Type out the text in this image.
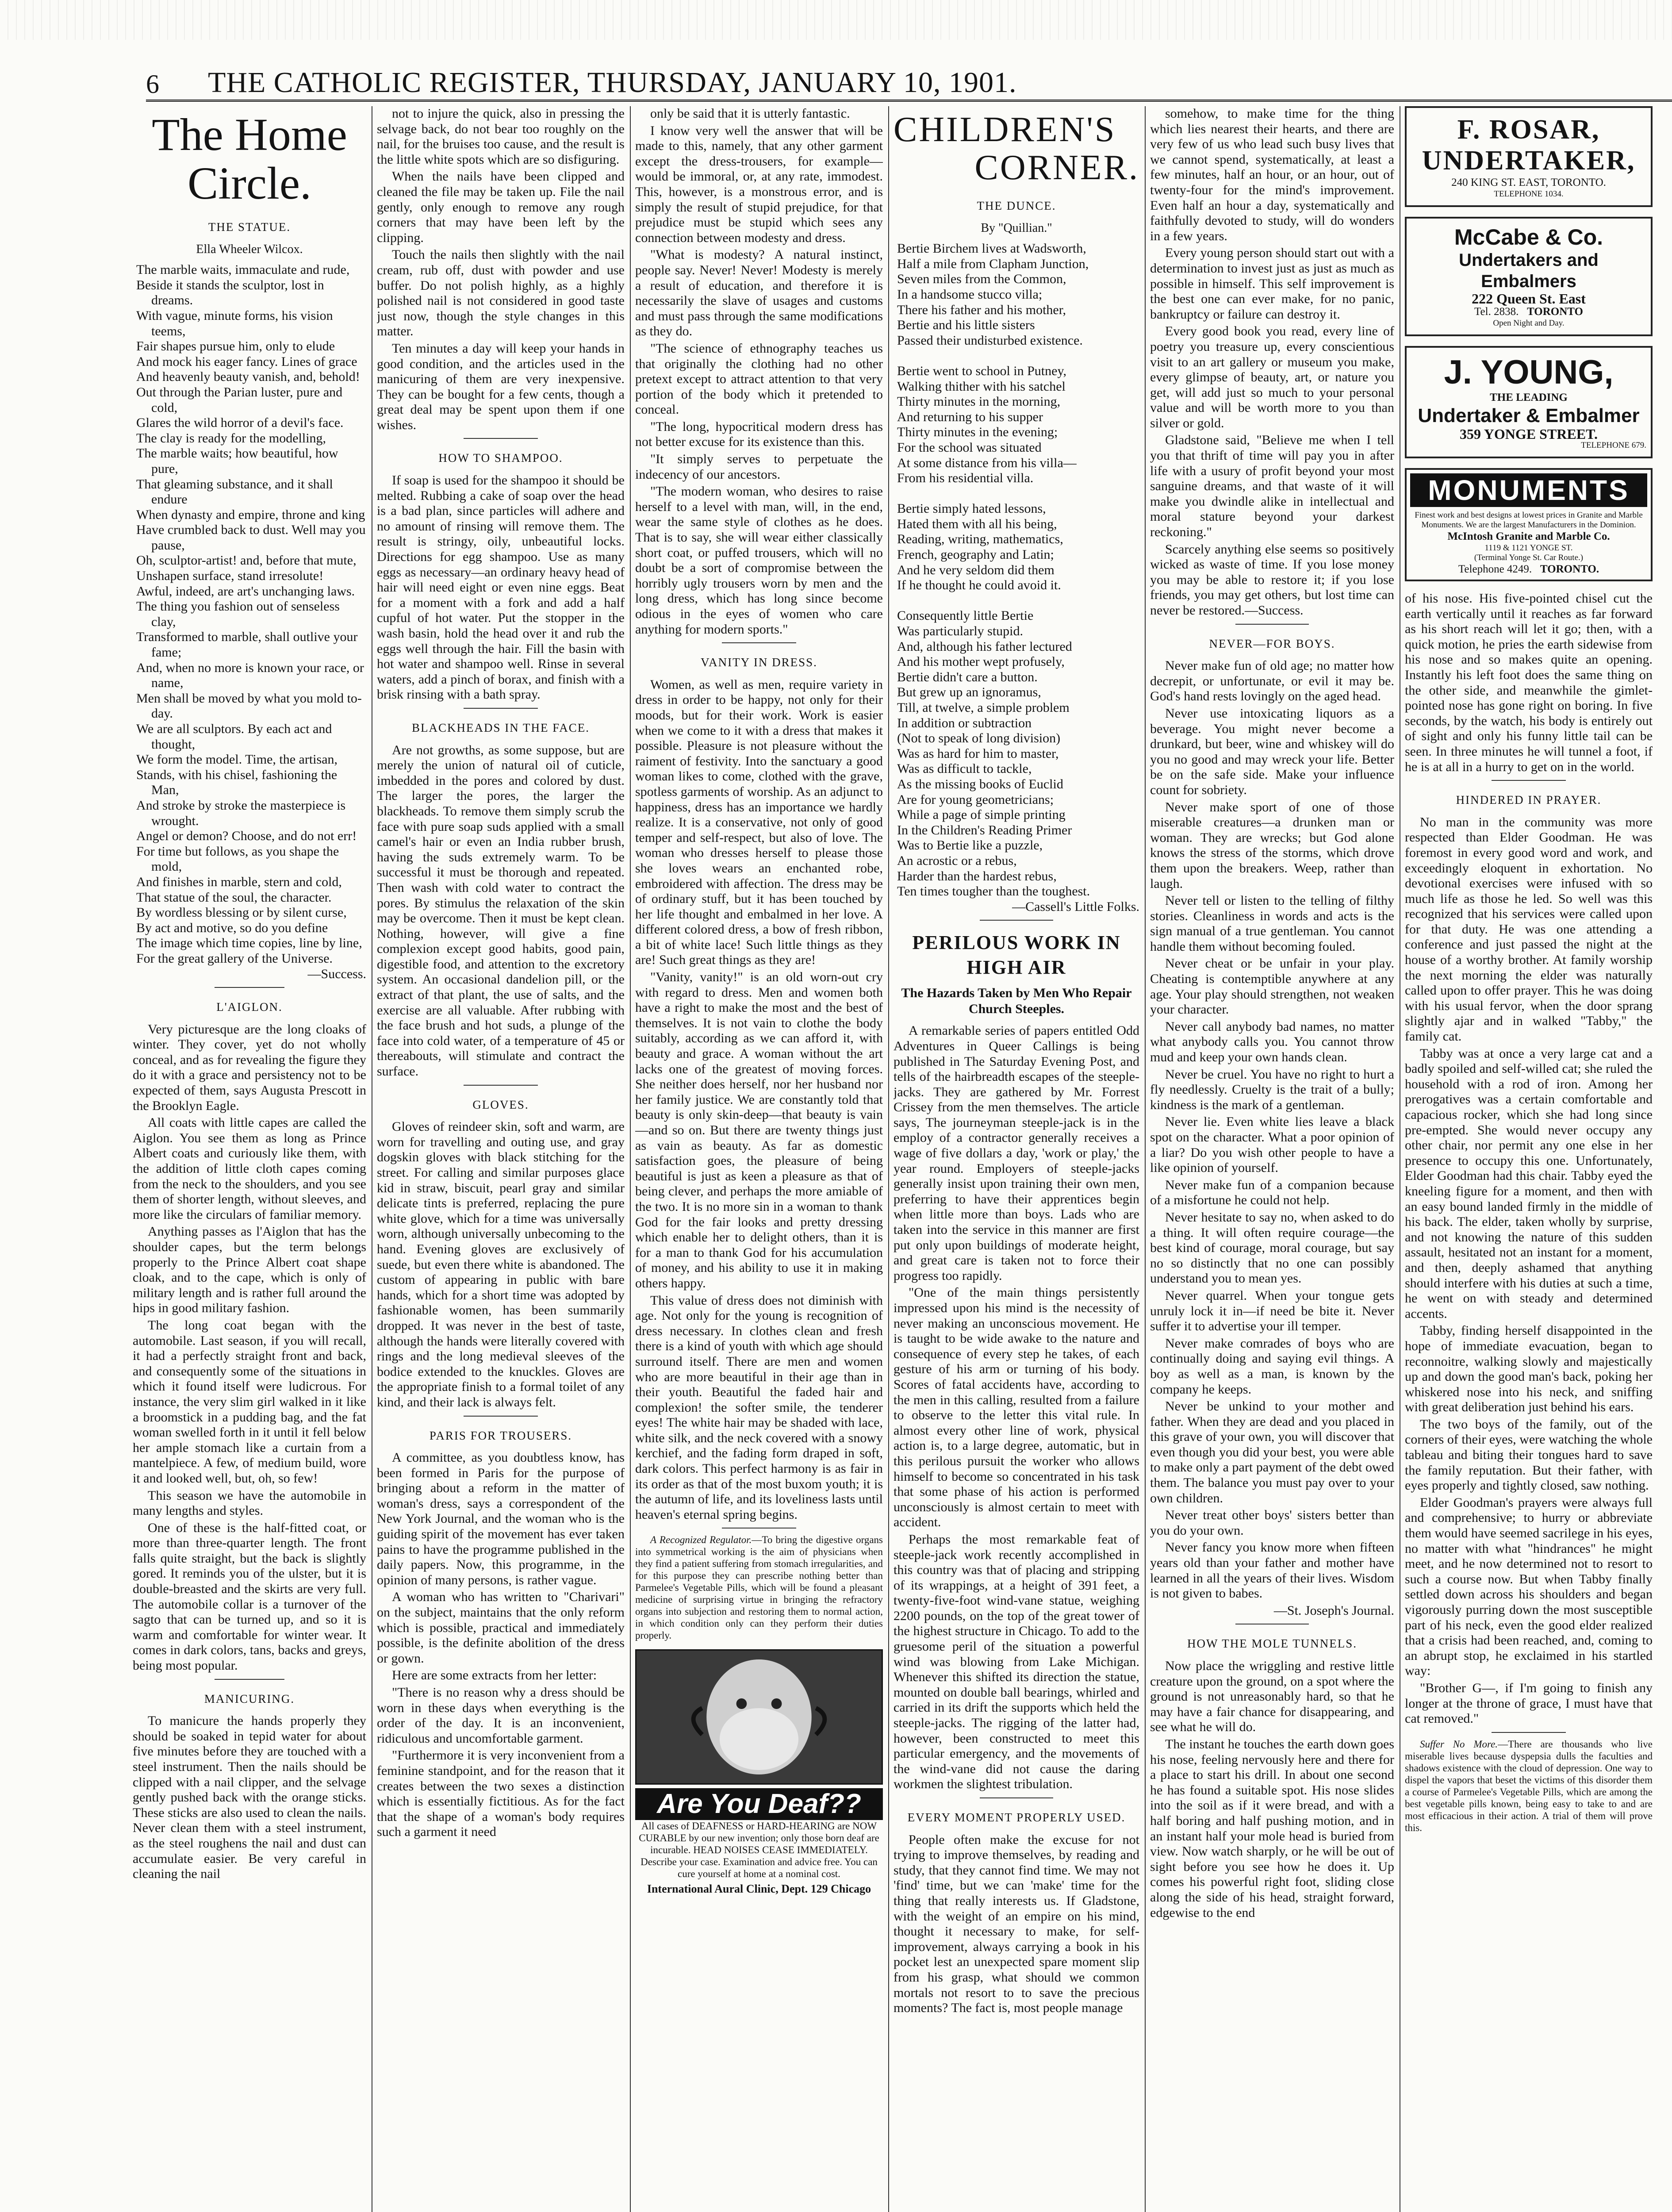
6	THE CATHOLIC REGISTER, THURSDAY, JANUARY 10, 1901.
The Home Circle.
THE STATUE.
Ella Wheeler Wilcox.
The marble waits, immaculate and rude,
Beside it stands the sculptor, lost in dreams.
With vague, minute forms, his vision teems,
Fair shapes pursue him, only to elude
And mock his eager fancy. Lines of grace
And heavenly beauty vanish, and, behold!
Out through the Parian luster, pure and cold,
Glares the wild horror of a devil's face.
The clay is ready for the modelling,
The marble waits; how beautiful, how pure,
That gleaming substance, and it shall endure
When dynasty and empire, throne and king
Have crumbled back to dust. Well may you pause,
Oh, sculptor-artist! and, before that mute,
Unshapen surface, stand irresolute!
Awful, indeed, are art's unchanging laws.
The thing you fashion out of senseless clay,
Transformed to marble, shall outlive your fame;
And, when no more is known your race, or name,
Men shall be moved by what you mold to-day.
We are all sculptors. By each act and thought,
We form the model. Time, the artisan,
Stands, with his chisel, fashioning the Man,
And stroke by stroke the masterpiece is wrought.
Angel or demon? Choose, and do not err!
For time but follows, as you shape the mold,
And finishes in marble, stern and cold,
That statue of the soul, the character.
By wordless blessing or by silent curse,
By act and motive, so do you define
The image which time copies, line by line,
For the great gallery of the Universe.
—Success.
L'AIGLON.

Very picturesque are the long cloaks of winter. They cover, yet do not wholly conceal, and as for revealing the figure they do it with a grace and persistency not to be expected of them, says Augusta Prescott in the Brooklyn Eagle.

All coats with little capes are called the Aiglon. You see them as long as Prince Albert coats and curiously like them, with the addition of little cloth capes coming from the neck to the shoulders, and you see them of shorter length, without sleeves, and more like the circulars of familiar memory.

Anything passes as l'Aiglon that has the shoulder capes, but the term belongs properly to the Prince Albert coat shape cloak, and to the cape, which is only of military length and is rather full around the hips in good military fashion.

The long coat began with the automobile. Last season, if you will recall, it had a perfectly straight front and back, and consequently some of the situations in which it found itself were ludicrous. For instance, the very slim girl walked in it like a broomstick in a pudding bag, and the fat woman swelled forth in it until it fell below her ample stomach like a curtain from a mantelpiece. A few, of medium build, wore it and looked well, but, oh, so few!

This season we have the automobile in many lengths and styles.

One of these is the half-fitted coat, or more than three-quarter length. The front falls quite straight, but the back is slightly gored. It reminds you of the ulster, but it is double-breasted and the skirts are very full. The automobile collar is a turnover of the sagto that can be turned up, and so it is warm and comfortable for winter wear. It comes in dark colors, tans, backs and greys, being most popular.

MANICURING.

To manicure the hands properly they should be soaked in tepid water for about five minutes before they are touched with a steel instrument. Then the nails should be clipped with a nail clipper, and the selvage gently pushed back with the orange sticks. These sticks are also used to clean the nails. Never clean them with a steel instrument, as the steel roughens the nail and dust can accumulate easier. Be very careful in cleaning the nail

not to injure the quick, also in pressing the selvage back, do not bear too roughly on the nail, for the bruises too cause, and the result is the little white spots which are so disfiguring.

When the nails have been clipped and cleaned the file may be taken up. File the nail gently, only enough to remove any rough corners that may have been left by the clipping.

Touch the nails then slightly with the nail cream, rub off, dust with powder and use buffer. Do not polish highly, as a highly polished nail is not considered in good taste just now, though the style changes in this matter.

Ten minutes a day will keep your hands in good condition, and the articles used in the manicuring of them are very inexpensive. They can be bought for a few cents, though a great deal may be spent upon them if one wishes.

HOW TO SHAMPOO.

If soap is used for the shampoo it should be melted. Rubbing a cake of soap over the head is a bad plan, since particles will adhere and no amount of rinsing will remove them. The result is stringy, oily, unbeautiful locks. Directions for egg shampoo. Use as many eggs as necessary—an ordinary heavy head of hair will need eight or even nine eggs. Beat for a moment with a fork and add a half cupful of hot water. Put the stopper in the wash basin, hold the head over it and rub the eggs well through the hair. Fill the basin with hot water and shampoo well. Rinse in several waters, add a pinch of borax, and finish with a brisk rinsing with a bath spray.

BLACKHEADS IN THE FACE.

Are not growths, as some suppose, but are merely the union of natural oil of cuticle, imbedded in the pores and colored by dust. The larger the pores, the larger the blackheads. To remove them simply scrub the face with pure soap suds applied with a small camel's hair or even an India rubber brush, having the suds extremely warm. To be successful it must be thorough and repeated. Then wash with cold water to contract the pores. By stimulus the relaxation of the skin may be overcome. Then it must be kept clean. Nothing, however, will give a fine complexion except good habits, good pain, digestible food, and attention to the excretory system. An occasional dandelion pill, or the extract of that plant, the use of salts, and the exercise are all valuable. After rubbing with the face brush and hot suds, a plunge of the face into cold water, of a temperature of 45 or thereabouts, will stimulate and contract the surface.

GLOVES.

Gloves of reindeer skin, soft and warm, are worn for travelling and outing use, and gray dogskin gloves with black stitching for the street. For calling and similar purposes glace kid in straw, biscuit, pearl gray and similar delicate tints is preferred, replacing the pure white glove, which for a time was universally worn, although universally unbecoming to the hand. Evening gloves are exclusively of suede, but even there white is abandoned. The custom of appearing in public with bare hands, which for a short time was adopted by fashionable women, has been summarily dropped. It was never in the best of taste, although the hands were literally covered with rings and the long medieval sleeves of the bodice extended to the knuckles. Gloves are the appropriate finish to a formal toilet of any kind, and their lack is always felt.

PARIS FOR TROUSERS.

A committee, as you doubtless know, has been formed in Paris for the purpose of bringing about a reform in the matter of woman's dress, says a correspondent of the New York Journal, and the woman who is the guiding spirit of the movement has ever taken pains to have the programme published in the daily papers. Now, this programme, in the opinion of many persons, is rather vague.

A woman who has written to "Charivari" on the subject, maintains that the only reform which is possible, practical and immediately possible, is the definite abolition of the dress or gown.

Here are some extracts from her letter:

"There is no reason why a dress should be worn in these days when everything is the order of the day. It is an inconvenient, ridiculous and uncomfortable garment.

"Furthermore it is very inconvenient from a feminine standpoint, and for the reason that it creates between the two sexes a distinction which is essentially fictitious. As for the fact that the shape of a woman's body requires such a garment it need

only be said that it is utterly fantastic.

I know very well the answer that will be made to this, namely, that any other garment except the dress-trousers, for example—would be immoral, or, at any rate, immodest. This, however, is a monstrous error, and is simply the result of stupid prejudice, for that prejudice must be stupid which sees any connection between modesty and dress.

"What is modesty? A natural instinct, people say. Never! Never! Modesty is merely a result of education, and therefore it is necessarily the slave of usages and customs and must pass through the same modifications as they do.

"The science of ethnography teaches us that originally the clothing had no other pretext except to attract attention to that very portion of the body which it pretended to conceal.

"The long, hypocritical modern dress has not better excuse for its existence than this.

"It simply serves to perpetuate the indecency of our ancestors.

"The modern woman, who desires to raise herself to a level with man, will, in the end, wear the same style of clothes as he does. That is to say, she will wear either classically short coat, or puffed trousers, which will no doubt be a sort of compromise between the horribly ugly trousers worn by men and the long dress, which has long since become odious in the eyes of women who care anything for modern sports."

VANITY IN DRESS.

Women, as well as men, require variety in dress in order to be happy, not only for their moods, but for their work. Work is easier when we come to it with a dress that makes it possible. Pleasure is not pleasure without the raiment of festivity. Into the sanctuary a good woman likes to come, clothed with the grave, spotless garments of worship. As an adjunct to happiness, dress has an importance we hardly realize. It is a conservative, not only of good temper and self-respect, but also of love. The woman who dresses herself to please those she loves wears an enchanted robe, embroidered with affection. The dress may be of ordinary stuff, but it has been touched by her life thought and embalmed in her love. A different colored dress, a bow of fresh ribbon, a bit of white lace! Such little things as they are! Such great things as they are!

"Vanity, vanity!" is an old worn-out cry with regard to dress. Men and women both have a right to make the most and the best of themselves. It is not vain to clothe the body suitably, according as we can afford it, with beauty and grace. A woman without the art lacks one of the greatest of moving forces. She neither does herself, nor her husband nor her family justice. We are constantly told that beauty is only skin-deep—that beauty is vain—and so on. But there are twenty things just as vain as beauty. As far as domestic satisfaction goes, the pleasure of being beautiful is just as keen a pleasure as that of being clever, and perhaps the more amiable of the two. It is no more sin in a woman to thank God for the fair looks and pretty dressing which enable her to delight others, than it is for a man to thank God for his accumulation of money, and his ability to use it in making others happy.

This value of dress does not diminish with age. Not only for the young is recognition of dress necessary. In clothes clean and fresh there is a kind of youth with which age should surround itself. There are men and women who are more beautiful in their age than in their youth. Beautiful the faded hair and complexion! the softer smile, the tenderer eyes! The white hair may be shaded with lace, white silk, and the neck covered with a snowy kerchief, and the fading form draped in soft, dark colors. This perfect harmony is as fair in its order as that of the most buxom youth; it is the autumn of life, and its loveliness lasts until heaven's eternal spring begins.

A Recognized Regulator.—To bring the digestive organs into symmetrical working is the aim of physicians when they find a patient suffering from stomach irregularities, and for this purpose they can prescribe nothing better than Parmelee's Vegetable Pills, which will be found a pleasant medicine of surprising virtue in bringing the refractory organs into subjection and restoring them to normal action, in which condition only can they perform their duties properly.

Are You Deaf??

All cases of DEAFNESS or HARD-HEARING are NOW CURABLE by our new invention; only those born deaf are incurable. HEAD NOISES CEASE IMMEDIATELY. Describe your case. Examination and advice free. You can cure yourself at home at a nominal cost.

International Aural Clinic, Dept. 129 Chicago

CHILDREN'S
CORNER.
THE DUNCE.
By "Quillian."
Bertie Birchem lives at Wadsworth,
Half a mile from Clapham Junction,
Seven miles from the Common,
In a handsome stucco villa;
There his father and his mother,
Bertie and his little sisters
Passed their undisturbed existence.

Bertie went to school in Putney,
Walking thither with his satchel
Thirty minutes in the morning,
And returning to his supper
Thirty minutes in the evening;
For the school was situated
At some distance from his villa—
From his residential villa.

Bertie simply hated lessons,
Hated them with all his being,
Reading, writing, mathematics,
French, geography and Latin;
And he very seldom did them
If he thought he could avoid it.

Consequently little Bertie
Was particularly stupid.
And, although his father lectured
And his mother wept profusely,
Bertie didn't care a button.
But grew up an ignoramus,
Till, at twelve, a simple problem
In addition or subtraction
(Not to speak of long division)
Was as hard for him to master,
Was as difficult to tackle,
As the missing books of Euclid
Are for young geometricians;
While a page of simple printing
In the Children's Reading Primer
Was to Bertie like a puzzle,
An acrostic or a rebus,
Harder than the hardest rebus,
Ten times tougher than the toughest.
—Cassell's Little Folks.
PERILOUS WORK IN HIGH AIR
The Hazards Taken by Men Who Repair Church Steeples.

A remarkable series of papers entitled Odd Adventures in Queer Callings is being published in The Saturday Evening Post, and tells of the hairbreadth escapes of the steeple-jacks. They are gathered by Mr. Forrest Crissey from the men themselves. The article says, The journeyman steeple-jack is in the employ of a contractor generally receives a wage of five dollars a day, 'work or play,' the year round. Employers of steeple-jacks generally insist upon training their own men, preferring to have their apprentices begin when little more than boys. Lads who are taken into the service in this manner are first put only upon buildings of moderate height, and great care is taken not to force their progress too rapidly.

"One of the main things persistently impressed upon his mind is the necessity of never making an unconscious movement. He is taught to be wide awake to the nature and consequence of every step he takes, of each gesture of his arm or turning of his body. Scores of fatal accidents have, according to the men in this calling, resulted from a failure to observe to the letter this vital rule. In almost every other line of work, physical action is, to a large degree, automatic, but in this perilous pursuit the worker who allows himself to become so concentrated in his task that some phase of his action is performed unconsciously is almost certain to meet with accident.

Perhaps the most remarkable feat of steeple-jack work recently accomplished in this country was that of placing and stripping of its wrappings, at a height of 391 feet, a twenty-five-foot wind-vane statue, weighing 2200 pounds, on the top of the great tower of the highest structure in Chicago. To add to the gruesome peril of the situation a powerful wind was blowing from Lake Michigan. Whenever this shifted its direction the statue, mounted on double ball bearings, whirled and carried in its drift the supports which held the steeple-jacks. The rigging of the latter had, however, been constructed to meet this particular emergency, and the movements of the wind-vane did not cause the daring workmen the slightest tribulation.

EVERY MOMENT PROPERLY USED.

People often make the excuse for not trying to improve themselves, by reading and study, that they cannot find time. We may not 'find' time, but we can 'make' time for the thing that really interests us. If Gladstone, with the weight of an empire on his mind, thought it necessary to make, for self-improvement, always carrying a book in his pocket lest an unexpected spare moment slip from his grasp, what should we common mortals not resort to to save the precious moments? The fact is, most people manage

somehow, to make time for the thing which lies nearest their hearts, and there are very few of us who lead such busy lives that we cannot spend, systematically, at least a few minutes, half an hour, or an hour, out of twenty-four for the mind's improvement. Even half an hour a day, systematically and faithfully devoted to study, will do wonders in a few years.

Every young person should start out with a determination to invest just as just as much as possible in himself. This self improvement is the best one can ever make, for no panic, bankruptcy or failure can destroy it.

Every good book you read, every line of poetry you treasure up, every conscientious visit to an art gallery or museum you make, every glimpse of beauty, art, or nature you get, will add just so much to your personal value and will be worth more to you than silver or gold.

Gladstone said, "Believe me when I tell you that thrift of time will pay you in after life with a usury of profit beyond your most sanguine dreams, and that waste of it will make you dwindle alike in intellectual and moral stature beyond your darkest reckoning."

Scarcely anything else seems so positively wicked as waste of time. If you lose money you may be able to restore it; if you lose friends, you may get others, but lost time can never be restored.—Success.

NEVER—FOR BOYS.

Never make fun of old age; no matter how decrepit, or unfortunate, or evil it may be. God's hand rests lovingly on the aged head.

Never use intoxicating liquors as a beverage. You might never become a drunkard, but beer, wine and whiskey will do you no good and may wreck your life. Better be on the safe side. Make your influence count for sobriety.

Never make sport of one of those miserable creatures—a drunken man or woman. They are wrecks; but God alone knows the stress of the storms, which drove them upon the breakers. Weep, rather than laugh.

Never tell or listen to the telling of filthy stories. Cleanliness in words and acts is the sign manual of a true gentleman. You cannot handle them without becoming fouled.

Never cheat or be unfair in your play. Cheating is contemptible anywhere at any age. Your play should strengthen, not weaken your character.

Never call anybody bad names, no matter what anybody calls you. You cannot throw mud and keep your own hands clean.

Never be cruel. You have no right to hurt a fly needlessly. Cruelty is the trait of a bully; kindness is the mark of a gentleman.

Never lie. Even white lies leave a black spot on the character. What a poor opinion of a liar? Do you wish other people to have a like opinion of yourself.

Never make fun of a companion because of a misfortune he could not help.

Never hesitate to say no, when asked to do a thing. It will often require courage—the best kind of courage, moral courage, but say no so distinctly that no one can possibly understand you to mean yes.

Never quarrel. When your tongue gets unruly lock it in—if need be bite it. Never suffer it to advertise your ill temper.

Never make comrades of boys who are continually doing and saying evil things. A boy as well as a man, is known by the company he keeps.

Never be unkind to your mother and father. When they are dead and you placed in this grave of your own, you will discover that even though you did your best, you were able to make only a part payment of the debt owed them. The balance you must pay over to your own children.

Never treat other boys' sisters better than you do your own.

Never fancy you know more when fifteen years old than your father and mother have learned in all the years of their lives. Wisdom is not given to babes.

—St. Joseph's Journal.

HOW THE MOLE TUNNELS.

Now place the wriggling and restive little creature upon the ground, on a spot where the ground is not unreasonably hard, so that he may have a fair chance for disappearing, and see what he will do.

The instant he touches the earth down goes his nose, feeling nervously here and there for a place to start his drill. In about one second he has found a suitable spot. His nose slides into the soil as if it were bread, and with a half boring and half pushing motion, and in an instant half your mole head is buried from view. Now watch sharply, or he will be out of sight before you see how he does it. Up comes his powerful right foot, sliding close along the side of his head, straight forward, edgewise to the end

F. ROSAR,
UNDERTAKER,
240 KING ST. EAST, TORONTO.
TELEPHONE 1034.
McCabe & Co.
Undertakers and Embalmers
222 Queen St. East
Tel. 2838. TORONTO
Open Night and Day.
J. YOUNG,
THE LEADING
Undertaker & Embalmer
359 YONGE STREET.
TELEPHONE 679.
MONUMENTS
Finest work and best designs at lowest prices in Granite and Marble Monuments. We are the largest Manufacturers in the Dominion.
McIntosh Granite and Marble Co.
1119 & 1121 YONGE ST.
(Terminal Yonge St. Car Route.)
Telephone 4249. TORONTO.

of his nose. His five-pointed chisel cut the earth vertically until it reaches as far forward as his short reach will let it go; then, with a quick motion, he pries the earth sidewise from his nose and so makes quite an opening. Instantly his left foot does the same thing on the other side, and meanwhile the gimlet-pointed nose has gone right on boring. In five seconds, by the watch, his body is entirely out of sight and only his funny little tail can be seen. In three minutes he will tunnel a foot, if he is at all in a hurry to get on in the world.

HINDERED IN PRAYER.

No man in the community was more respected than Elder Goodman. He was foremost in every good word and work, and exceedingly eloquent in exhortation. No devotional exercises were infused with so much life as those he led. So well was this recognized that his services were called upon for that duty. He was one attending a conference and just passed the night at the house of a worthy brother. At family worship the next morning the elder was naturally called upon to offer prayer. This he was doing with his usual fervor, when the door sprang slightly ajar and in walked "Tabby," the family cat.

Tabby was at once a very large cat and a badly spoiled and self-willed cat; she ruled the household with a rod of iron. Among her prerogatives was a certain comfortable and capacious rocker, which she had long since pre-empted. She would never occupy any other chair, nor permit any one else in her presence to occupy this one. Unfortunately, Elder Goodman had this chair. Tabby eyed the kneeling figure for a moment, and then with an easy bound landed firmly in the middle of his back. The elder, taken wholly by surprise, and not knowing the nature of this sudden assault, hesitated not an instant for a moment, and then, deeply ashamed that anything should interfere with his duties at such a time, he went on with steady and determined accents.

Tabby, finding herself disappointed in the hope of immediate evacuation, began to reconnoitre, walking slowly and majestically up and down the good man's back, poking her whiskered nose into his neck, and sniffing with great deliberation just behind his ears.

The two boys of the family, out of the corners of their eyes, were watching the whole tableau and biting their tongues hard to save the family reputation. But their father, with eyes properly and tightly closed, saw nothing.

Elder Goodman's prayers were always full and comprehensive; to hurry or abbreviate them would have seemed sacrilege in his eyes, no matter with what "hindrances" he might meet, and he now determined not to resort to such a course now. But when Tabby finally settled down across his shoulders and began vigorously purring down the most susceptible part of his neck, even the good elder realized that a crisis had been reached, and, coming to an abrupt stop, he exclaimed in his startled way:

"Brother G—, if I'm going to finish any longer at the throne of grace, I must have that cat removed."

Suffer No More.—There are thousands who live miserable lives because dyspepsia dulls the faculties and shadows existence with the cloud of depression. One way to dispel the vapors that beset the victims of this disorder them a course of Parmelee's Vegetable Pills, which are among the best vegetable pills known, being easy to take to and are most efficacious in their action. A trial of them will prove this.
